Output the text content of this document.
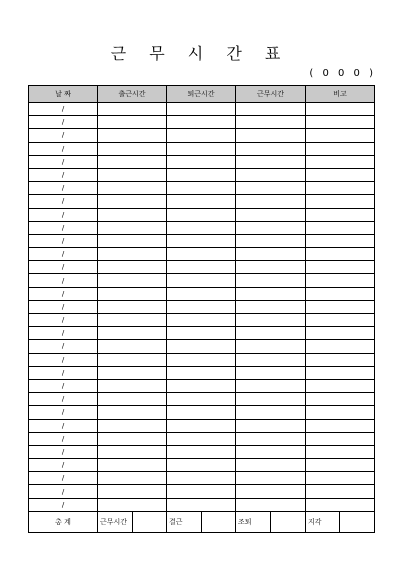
근 무 시 간 표
( 0 0 0 )
날 짜	출근시간		퇴근시간		근무시간		비고	
/								
/								
/								
/								
/								
/								
/								
/								
/								
/								
/								
/								
/								
/								
/								
/								
/								
/								
/								
/								
/								
/								
/								
/								
/								
/								
/								
/								
/								
/								
/								
총 계	근무시간		결근		조퇴		지각	
